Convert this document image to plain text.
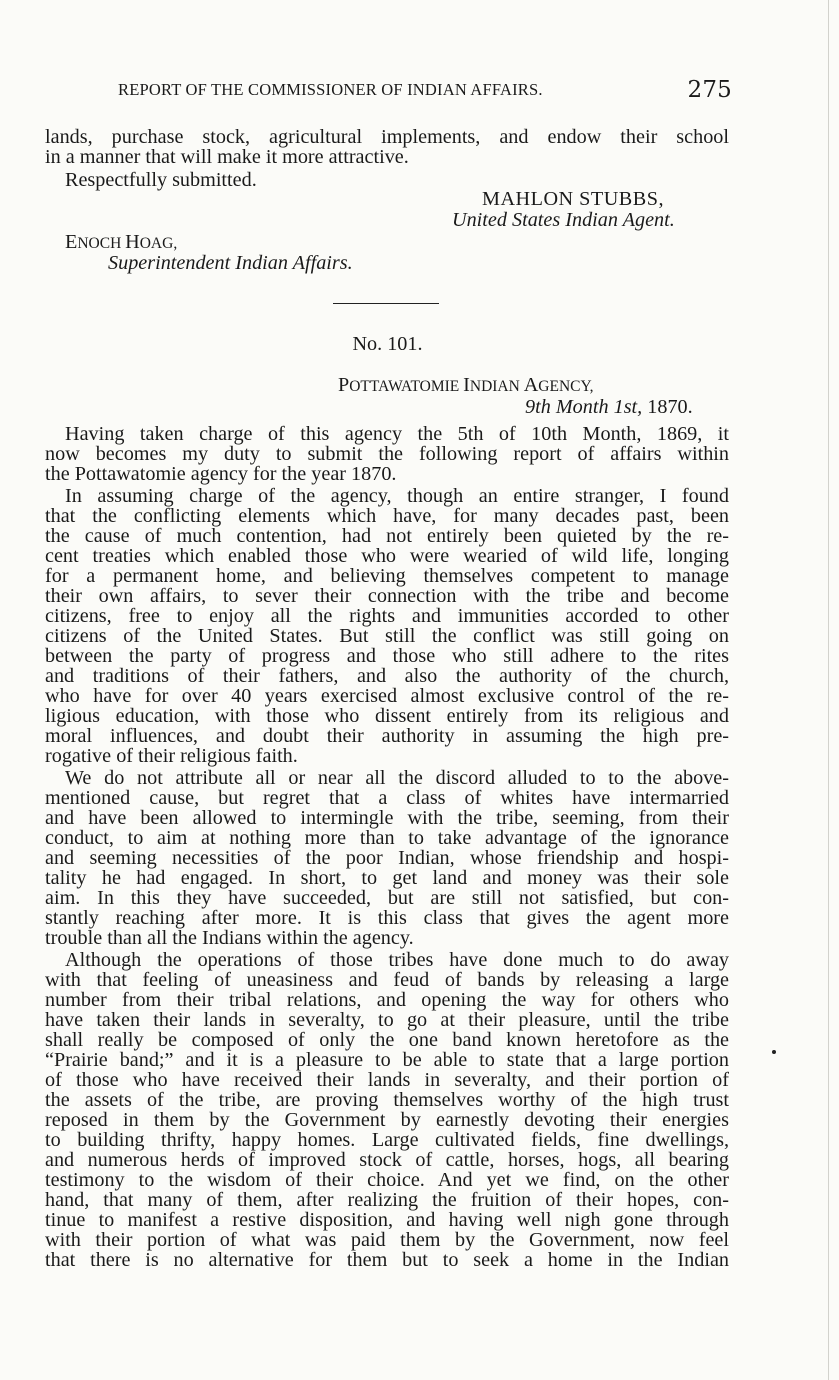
REPORT OF THE COMMISSIONER OF INDIAN AFFAIRS.	275
lands, purchase stock, agricultural implements, and endow their school
in a manner that will make it more attractive.
Respectfully submitted.
MAHLON STUBBS,
United States Indian Agent.
ENOCH HOAG,
Superintendent Indian Affairs.
No. 101.
POTTAWATOMIE INDIAN AGENCY,
9th Month 1st, 1870.
Having taken charge of this agency the 5th of 10th Month, 1869, it
now becomes my duty to submit the following report of affairs within
the Pottawatomie agency for the year 1870.
In assuming charge of the agency, though an entire stranger, I found
that the conflicting elements which have, for many decades past, been
the cause of much contention, had not entirely been quieted by the re-
cent treaties which enabled those who were wearied of wild life, longing
for a permanent home, and believing themselves competent to manage
their own affairs, to sever their connection with the tribe and become
citizens, free to enjoy all the rights and immunities accorded to other
citizens of the United States. But still the conflict was still going on
between the party of progress and those who still adhere to the rites
and traditions of their fathers, and also the authority of the church,
who have for over 40 years exercised almost exclusive control of the re-
ligious education, with those who dissent entirely from its religious and
moral influences, and doubt their authority in assuming the high pre-
rogative of their religious faith.
We do not attribute all or near all the discord alluded to to the above-
mentioned cause, but regret that a class of whites have intermarried
and have been allowed to intermingle with the tribe, seeming, from their
conduct, to aim at nothing more than to take advantage of the ignorance
and seeming necessities of the poor Indian, whose friendship and hospi-
tality he had engaged. In short, to get land and money was their sole
aim. In this they have succeeded, but are still not satisfied, but con-
stantly reaching after more. It is this class that gives the agent more
trouble than all the Indians within the agency.
Although the operations of those tribes have done much to do away
with that feeling of uneasiness and feud of bands by releasing a large
number from their tribal relations, and opening the way for others who
have taken their lands in severalty, to go at their pleasure, until the tribe
shall really be composed of only the one band known heretofore as the
“Prairie band;” and it is a pleasure to be able to state that a large portion
of those who have received their lands in severalty, and their portion of
the assets of the tribe, are proving themselves worthy of the high trust
reposed in them by the Government by earnestly devoting their energies
to building thrifty, happy homes. Large cultivated fields, fine dwellings,
and numerous herds of improved stock of cattle, horses, hogs, all bearing
testimony to the wisdom of their choice. And yet we find, on the other
hand, that many of them, after realizing the fruition of their hopes, con-
tinue to manifest a restive disposition, and having well nigh gone through
with their portion of what was paid them by the Government, now feel
that there is no alternative for them but to seek a home in the Indian
